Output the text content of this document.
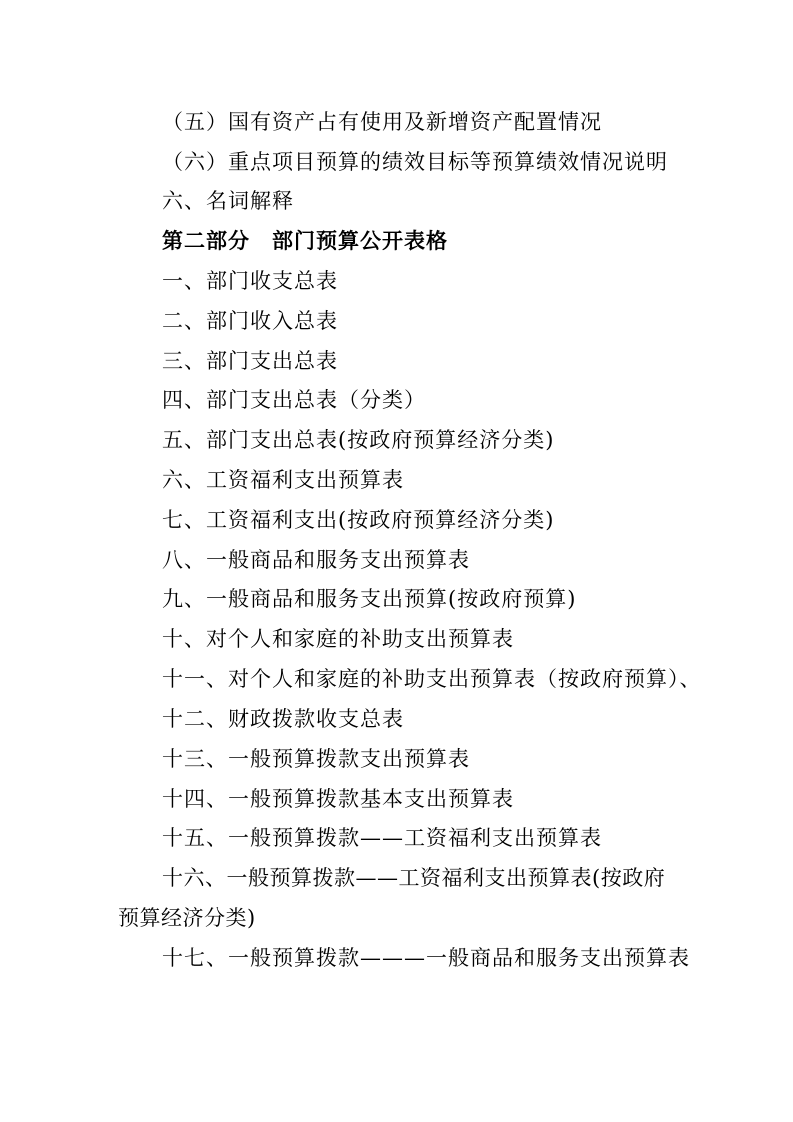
（五）国有资产占有使用及新增资产配置情况
（六）重点项目预算的绩效目标等预算绩效情况说明
六、名词解释
第二部分　部门预算公开表格
一、部门收支总表
二、部门收入总表
三、部门支出总表
四、部门支出总表（分类）
五、部门支出总表(按政府预算经济分类)
六、工资福利支出预算表
七、工资福利支出(按政府预算经济分类)
八、一般商品和服务支出预算表
九、一般商品和服务支出预算(按政府预算)
十、对个人和家庭的补助支出预算表
十一、对个人和家庭的补助支出预算表（按政府预算）、
十二、财政拨款收支总表
十三、一般预算拨款支出预算表
十四、一般预算拨款基本支出预算表
十五、一般预算拨款——工资福利支出预算表
十六、一般预算拨款——工资福利支出预算表(按政府预算经济分类)
十七、一般预算拨款———一般商品和服务支出预算表
